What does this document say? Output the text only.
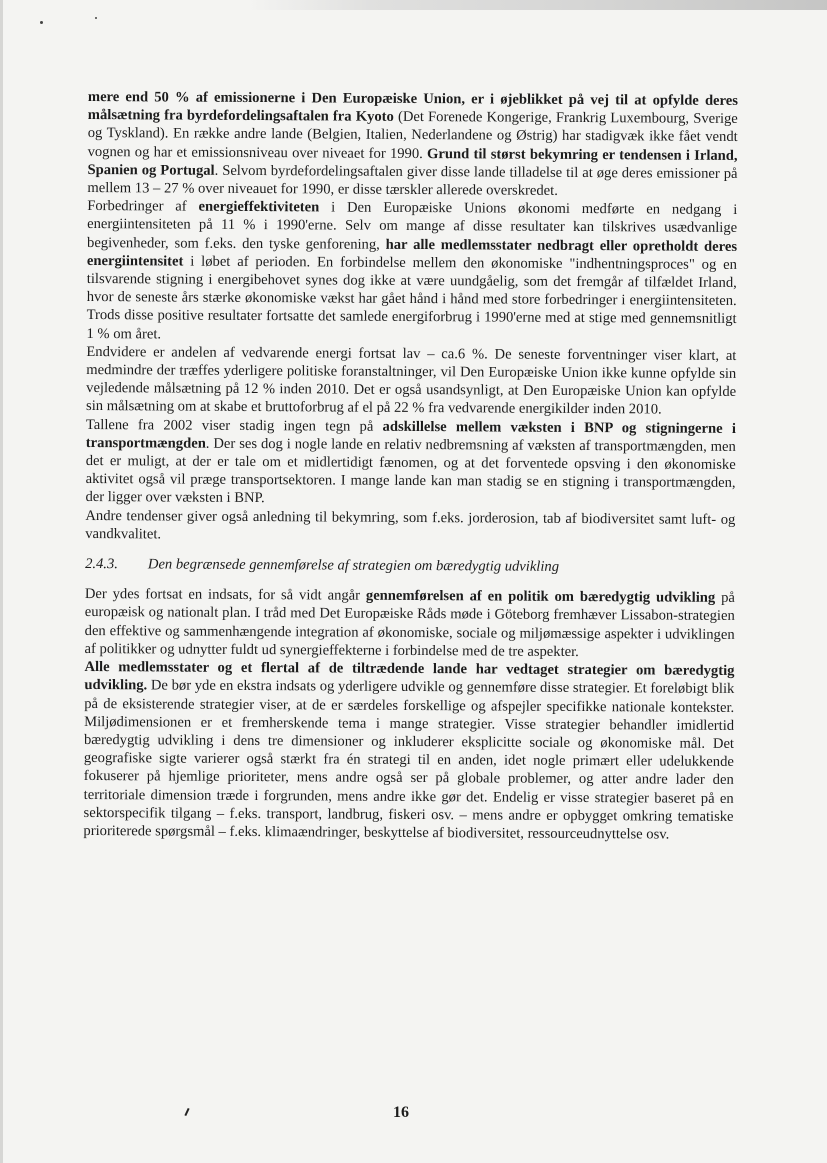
mere end 50 % af emissionerne i Den Europæiske Union, er i øjeblikket på vej til at opfylde deres målsætning fra byrdefordelingsaftalen fra Kyoto (Det Forenede Kongerige, Frankrig Luxembourg, Sverige og Tyskland). En række andre lande (Belgien, Italien, Nederlandene og Østrig) har stadigvæk ikke fået vendt vognen og har et emissionsniveau over niveaet for 1990. Grund til størst bekymring er tendensen i Irland, Spanien og Portugal. Selvom byrdefordelingsaftalen giver disse lande tilladelse til at øge deres emissioner på mellem 13 – 27 % over niveauet for 1990, er disse tærskler allerede overskredet.

Forbedringer af energieffektiviteten i Den Europæiske Unions økonomi medførte en nedgang i energiintensiteten på 11 % i 1990'erne. Selv om mange af disse resultater kan tilskrives usædvanlige begivenheder, som f.eks. den tyske genforening, har alle medlemsstater nedbragt eller opretholdt deres energiintensitet i løbet af perioden. En forbindelse mellem den økonomiske "indhentningsproces" og en tilsvarende stigning i energibehovet synes dog ikke at være uundgåelig, som det fremgår af tilfældet Irland, hvor de seneste års stærke økonomiske vækst har gået hånd i hånd med store forbedringer i energiintensiteten. Trods disse positive resultater fortsatte det samlede energiforbrug i 1990'erne med at stige med gennemsnitligt 1 % om året.

Endvidere er andelen af vedvarende energi fortsat lav – ca.6 %. De seneste forventninger viser klart, at medmindre der træffes yderligere politiske foranstaltninger, vil Den Europæiske Union ikke kunne opfylde sin vejledende målsætning på 12 % inden 2010. Det er også usandsynligt, at Den Europæiske Union kan opfylde sin målsætning om at skabe et bruttoforbrug af el på 22 % fra vedvarende energikilder inden 2010.

Tallene fra 2002 viser stadig ingen tegn på adskillelse mellem væksten i BNP og stigningerne i transportmængden. Der ses dog i nogle lande en relativ nedbremsning af væksten af transportmængden, men det er muligt, at der er tale om et midlertidigt fænomen, og at det forventede opsving i den økonomiske aktivitet også vil præge transportsektoren. I mange lande kan man stadig se en stigning i transportmængden, der ligger over væksten i BNP.

Andre tendenser giver også anledning til bekymring, som f.eks. jorderosion, tab af biodiversitet samt luft- og vandkvalitet.

2.4.3. Den begrænsede gennemførelse af strategien om bæredygtig udvikling

Der ydes fortsat en indsats, for så vidt angår gennemførelsen af en politik om bæredygtig udvikling på europæisk og nationalt plan. I tråd med Det Europæiske Råds møde i Göteborg fremhæver Lissabon-strategien den effektive og sammenhængende integration af økonomiske, sociale og miljømæssige aspekter i udviklingen af politikker og udnytter fuldt ud synergieffekterne i forbindelse med de tre aspekter.

Alle medlemsstater og et flertal af de tiltrædende lande har vedtaget strategier om bæredygtig udvikling. De bør yde en ekstra indsats og yderligere udvikle og gennemføre disse strategier. Et foreløbigt blik på de eksisterende strategier viser, at de er særdeles forskellige og afspejler specifikke nationale kontekster. Miljødimensionen er et fremherskende tema i mange strategier. Visse strategier behandler imidlertid bæredygtig udvikling i dens tre dimensioner og inkluderer eksplicitte sociale og økonomiske mål. Det geografiske sigte varierer også stærkt fra én strategi til en anden, idet nogle primært eller udelukkende fokuserer på hjemlige prioriteter, mens andre også ser på globale problemer, og atter andre lader den territoriale dimension træde i forgrunden, mens andre ikke gør det. Endelig er visse strategier baseret på en sektorspecifik tilgang – f.eks. transport, landbrug, fiskeri osv. – mens andre er opbygget omkring tematiske prioriterede spørgsmål – f.eks. klimaændringer, beskyttelse af biodiversitet, ressourceudnyttelse osv.

16
